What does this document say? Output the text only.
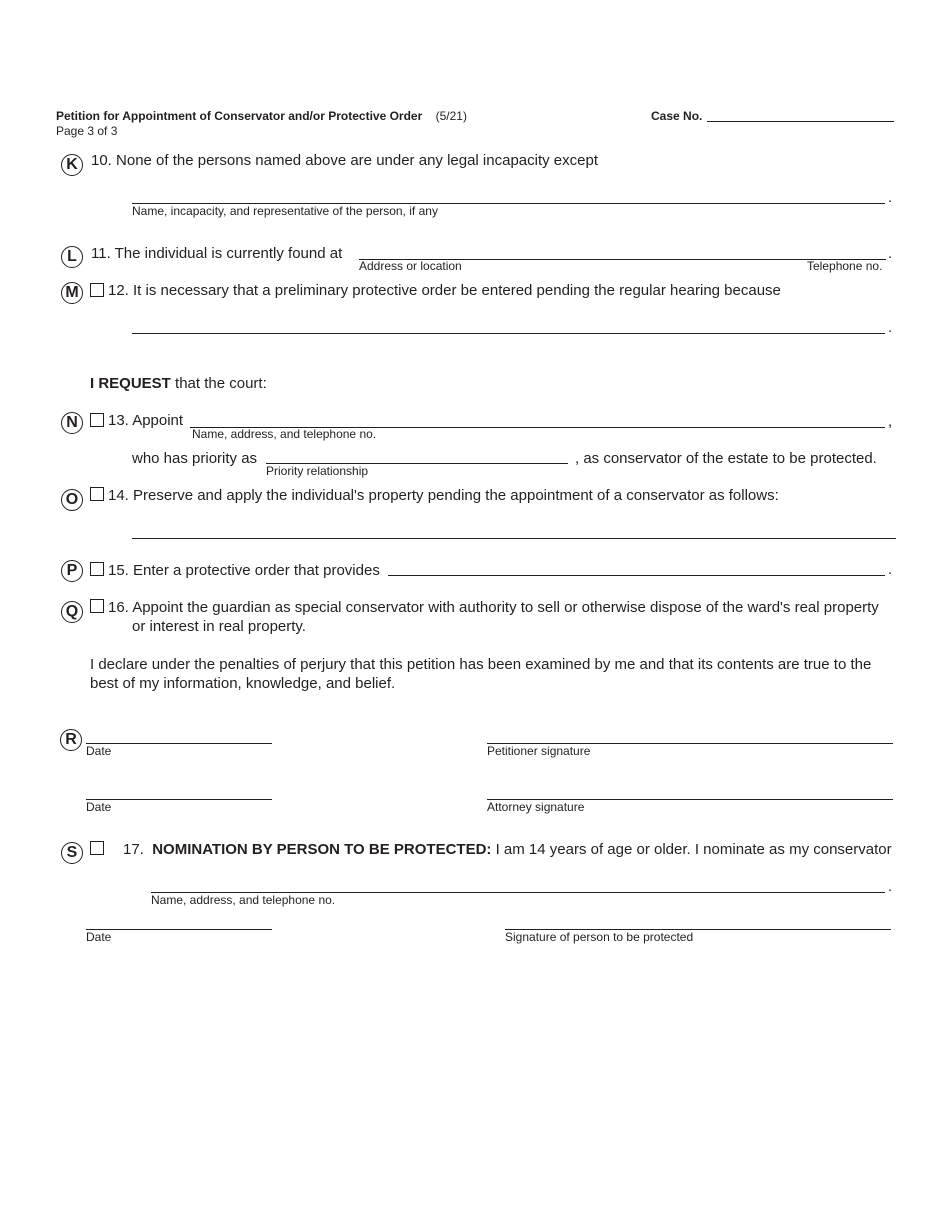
Petition for Appointment of Conservator and/or Protective Order (5/21)
Page 3 of 3
Case No.
K 10. None of the persons named above are under any legal incapacity except
.
Name, incapacity, and representative of the person, if any
L 11. The individual is currently found at	.
Address or location	Telephone no.
M 12. It is necessary that a preliminary protective order be entered pending the regular hearing because
.
I REQUEST that the court:
N	13. Appoint	,
Name, address, and telephone no.
who has priority as	, as conservator of the estate to be protected.
Priority relationship
O	14. Preserve and apply the individual's property pending the appointment of a conservator as follows:
P	15. Enter a protective order that provides	.
Q	16. Appoint the guardian as special conservator with authority to sell or otherwise dispose of the ward's real property
or interest in real property.
I declare under the penalties of perjury that this petition has been examined by me and that its contents are true to the best of my information, knowledge, and belief.
R
Date	Petitioner signature
Date	Attorney signature
S	17. NOMINATION BY PERSON TO BE PROTECTED: I am 14 years of age or older. I nominate as my conservator
.
Name, address, and telephone no.
Date	Signature of person to be protected
